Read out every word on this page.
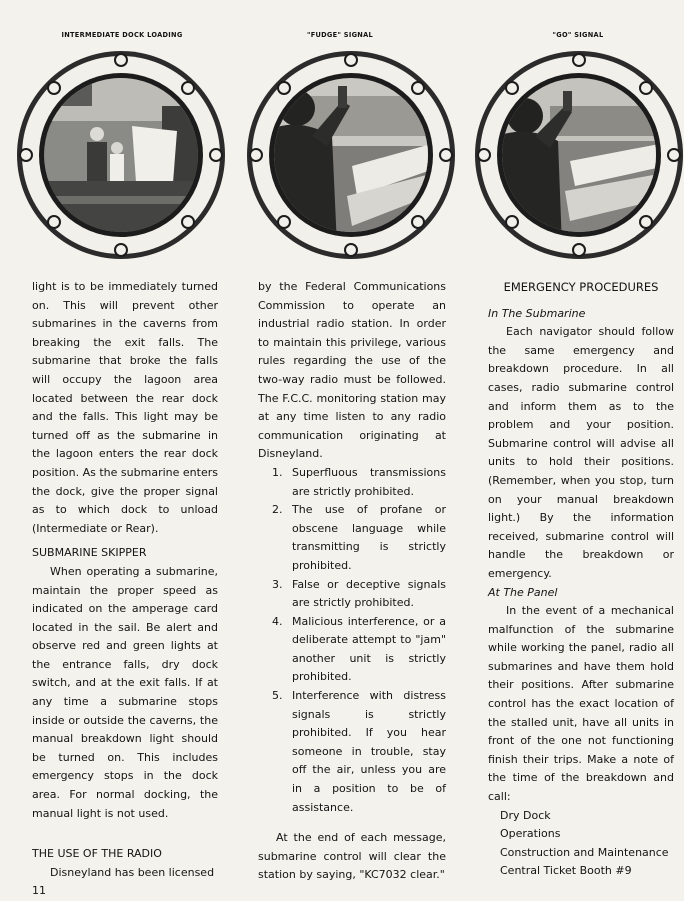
INTERMEDIATE DOCK LOADING	"FUDGE" SIGNAL	"GO" SIGNAL

light is to be immediately turned on. This will prevent other submarines in the caverns from breaking the exit falls. The submarine that broke the falls will occupy the lagoon area located between the rear dock and the falls. This light may be turned off as the submarine in the lagoon enters the rear dock position. As the submarine enters the dock, give the proper signal as to which dock to unload (Intermediate or Rear).

SUBMARINE SKIPPER

When operating a submarine, maintain the proper speed as indicated on the amperage card located in the sail. Be alert and observe red and green lights at the entrance falls, dry dock switch, and at the exit falls. If at any time a submarine stops inside or outside the caverns, the manual breakdown light should be turned on. This includes emergency stops in the dock area. For normal docking, the manual light is not used.

THE USE OF THE RADIO

Disneyland has been licensed

11

by the Federal Communications Commission to operate an industrial radio station. In order to maintain this privilege, various rules regarding the use of the two-way radio must be followed. The F.C.C. monitoring station may at any time listen to any radio communication originating at Disneyland.

1. Superfluous transmissions are strictly prohibited.
2. The use of profane or obscene language while transmitting is strictly prohibited.
3. False or deceptive signals are strictly prohibited.
4. Malicious interference, or a deliberate attempt to "jam" another unit is strictly prohibited.
5. Interference with distress signals is strictly prohibited. If you hear someone in trouble, stay off the air, unless you are in a position to be of assistance.

At the end of each message, submarine control will clear the station by saying, "KC7032 clear."

EMERGENCY PROCEDURES

In The Submarine

Each navigator should follow the same emergency and breakdown procedure. In all cases, radio submarine control and inform them as to the problem and your position. Submarine control will advise all units to hold their positions. (Remember, when you stop, turn on your manual breakdown light.) By the information received, submarine control will handle the breakdown or emergency.

At The Panel

In the event of a mechanical malfunction of the submarine while working the panel, radio all submarines and have them hold their positions. After submarine control has the exact location of the stalled unit, have all units in front of the one not functioning finish their trips. Make a note of the time of the breakdown and call:

Dry Dock

Operations

Construction and Maintenance

Central Ticket Booth #9
